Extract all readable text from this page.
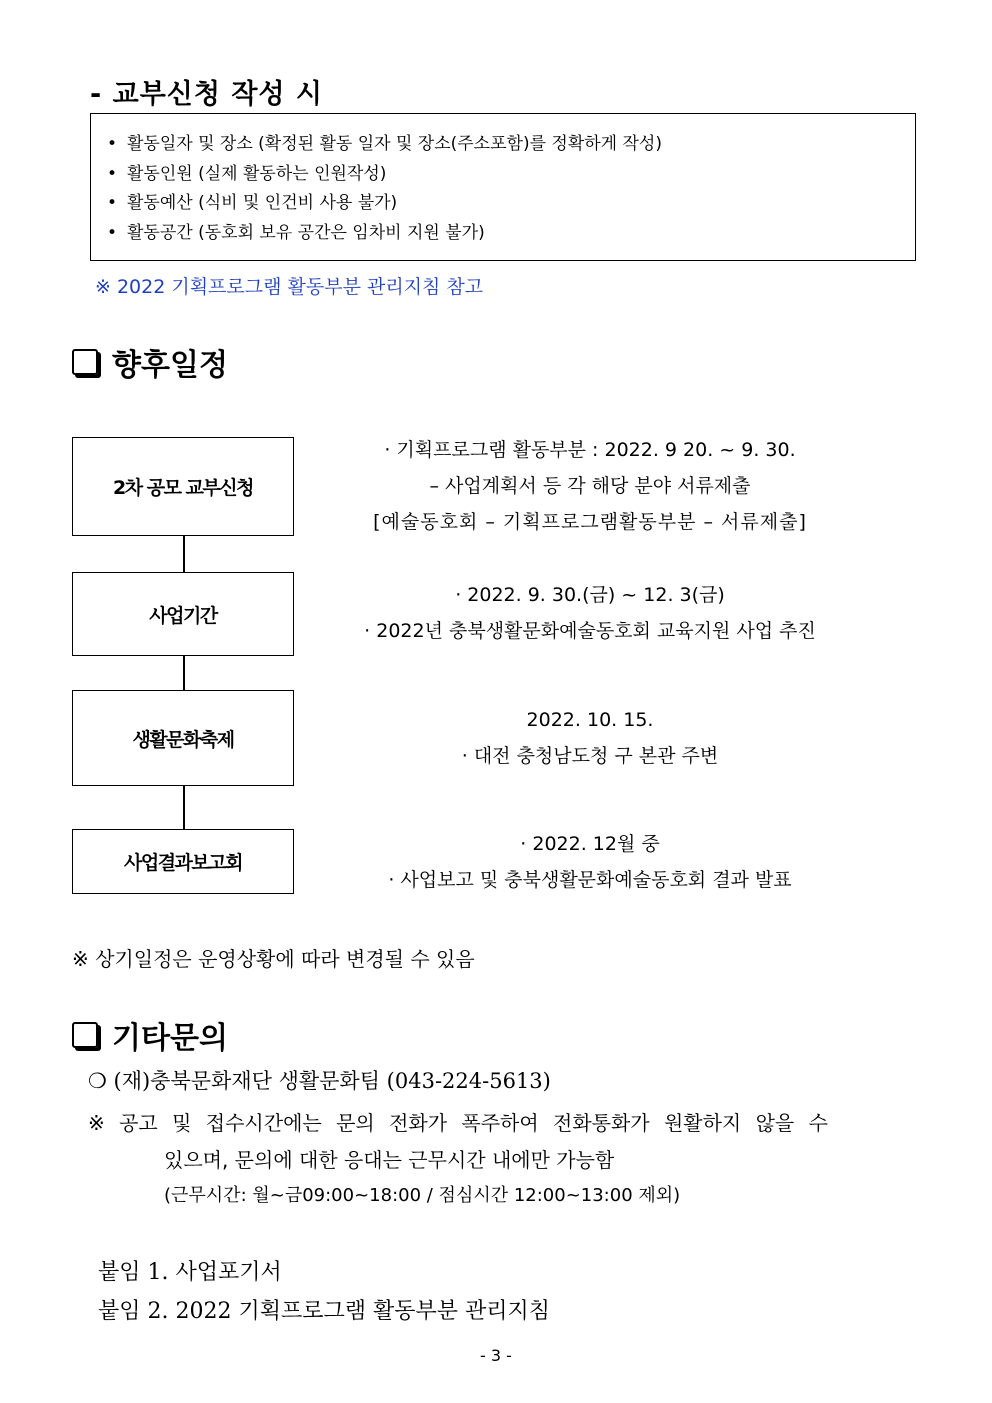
- 교부신청 작성 시
• 활동일자 및 장소 (확정된 활동 일자 및 장소(주소포함)를 정확하게 작성)
• 활동인원 (실제 활동하는 인원작성)
• 활동예산 (식비 및 인건비 사용 불가)
• 활동공간 (동호회 보유 공간은 임차비 지원 불가)
※ 2022 기획프로그램 활동부분 관리지침 참고
향후일정
2차 공모 교부신청
사업기간
생활문화축제
사업결과보고회
· 기획프로그램 활동부분 : 2022. 9 20. ~ 9. 30.
– 사업계획서 등 각 해당 분야 서류제출
[예술동호회 – 기획프로그램활동부분 – 서류제출]
· 2022. 9. 30.(금) ~ 12. 3(금)
· 2022년 충북생활문화예술동호회 교육지원 사업 추진
2022. 10. 15.
· 대전 충청남도청 구 본관 주변
· 2022. 12월 중
· 사업보고 및 충북생활문화예술동호회 결과 발표
※ 상기일정은 운영상황에 따라 변경될 수 있음
기타문의
❍ (재)충북문화재단 생활문화팀 (043-224-5613)
※ 공고 및 접수시간에는 문의 전화가 폭주하여 전화통화가 원활하지 않을 수
있으며, 문의에 대한 응대는 근무시간 내에만 가능함
(근무시간: 월~금09:00~18:00 / 점심시간 12:00~13:00 제외)
붙임 1. 사업포기서
붙임 2. 2022 기획프로그램 활동부분 관리지침
- 3 -
